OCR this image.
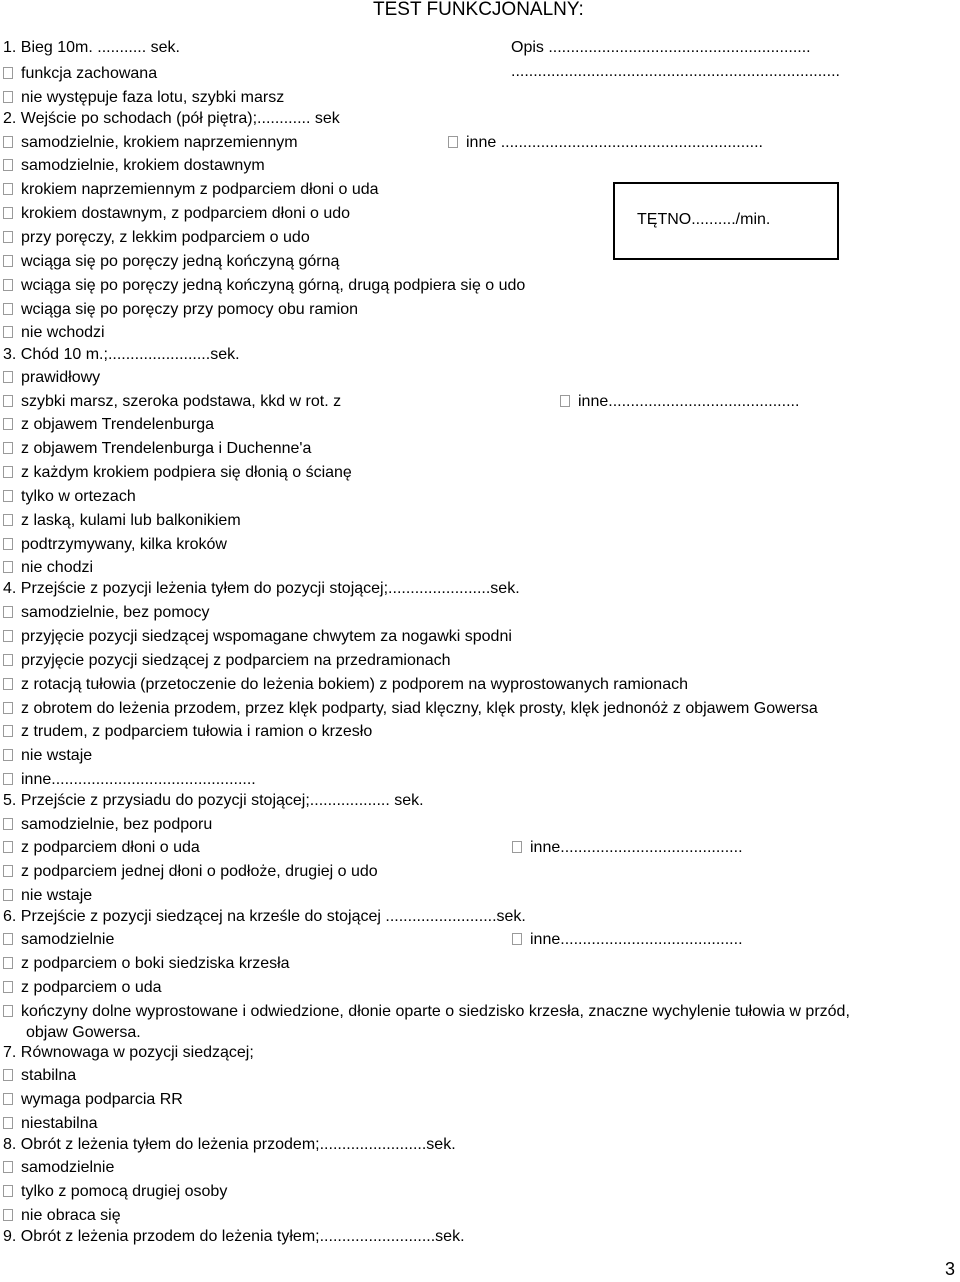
TEST FUNKCJONALNY:
Opis ...........................................................
..........................................................................
inne ...........................................................
TĘTNO........../min.
inne...........................................
inne.........................................
inne.........................................
1. Bieg 10m. ........... sek.
funkcja zachowana
nie występuje faza lotu, szybki marsz
2. Wejście po schodach (pół piętra);............ sek
samodzielnie, krokiem naprzemiennym
samodzielnie, krokiem dostawnym
krokiem naprzemiennym z podparciem dłoni o uda
krokiem dostawnym, z podparciem dłoni o udo
przy poręczy, z lekkim podparciem o udo
wciąga się po poręczy jedną kończyną górną
wciąga się po poręczy jedną kończyną górną, drugą podpiera się o udo
wciąga się po poręczy przy pomocy obu ramion
nie wchodzi
3. Chód 10 m.;.......................sek.
prawidłowy
szybki marsz, szeroka podstawa, kkd w rot. z
z objawem Trendelenburga
z objawem Trendelenburga i Duchenne'a
z każdym krokiem podpiera się dłonią o ścianę
tylko w ortezach
z laską, kulami lub balkonikiem
podtrzymywany, kilka kroków
nie chodzi
4. Przejście z pozycji leżenia tyłem do pozycji stojącej;.......................sek.
samodzielnie, bez pomocy
przyjęcie pozycji siedzącej wspomagane chwytem za nogawki spodni
przyjęcie pozycji siedzącej z podparciem na przedramionach
z rotacją tułowia (przetoczenie do leżenia bokiem) z podporem na wyprostowanych ramionach
z obrotem do leżenia przodem, przez klęk podparty, siad klęczny, klęk prosty, klęk jednonóż z objawem Gowersa
z trudem, z podparciem tułowia i ramion o krzesło
nie wstaje
inne..............................................
5. Przejście z przysiadu do pozycji stojącej;.................. sek.
samodzielnie, bez podporu
z podparciem dłoni o uda
z podparciem jednej dłoni o podłoże, drugiej o udo
nie wstaje
6. Przejście z pozycji siedzącej na krześle do stojącej .........................sek.
samodzielnie
z podparciem o boki siedziska krzesła
z podparciem o uda
kończyny dolne wyprostowane i odwiedzione, dłonie oparte o siedzisko krzesła, znaczne wychylenie tułowia w przód,
objaw Gowersa.
7. Równowaga w pozycji siedzącej;
stabilna
wymaga podparcia RR
niestabilna
8. Obrót z leżenia tyłem do leżenia przodem;........................sek.
samodzielnie
tylko z pomocą drugiej osoby
nie obraca się
9. Obrót z leżenia przodem do leżenia tyłem;..........................sek.
3
